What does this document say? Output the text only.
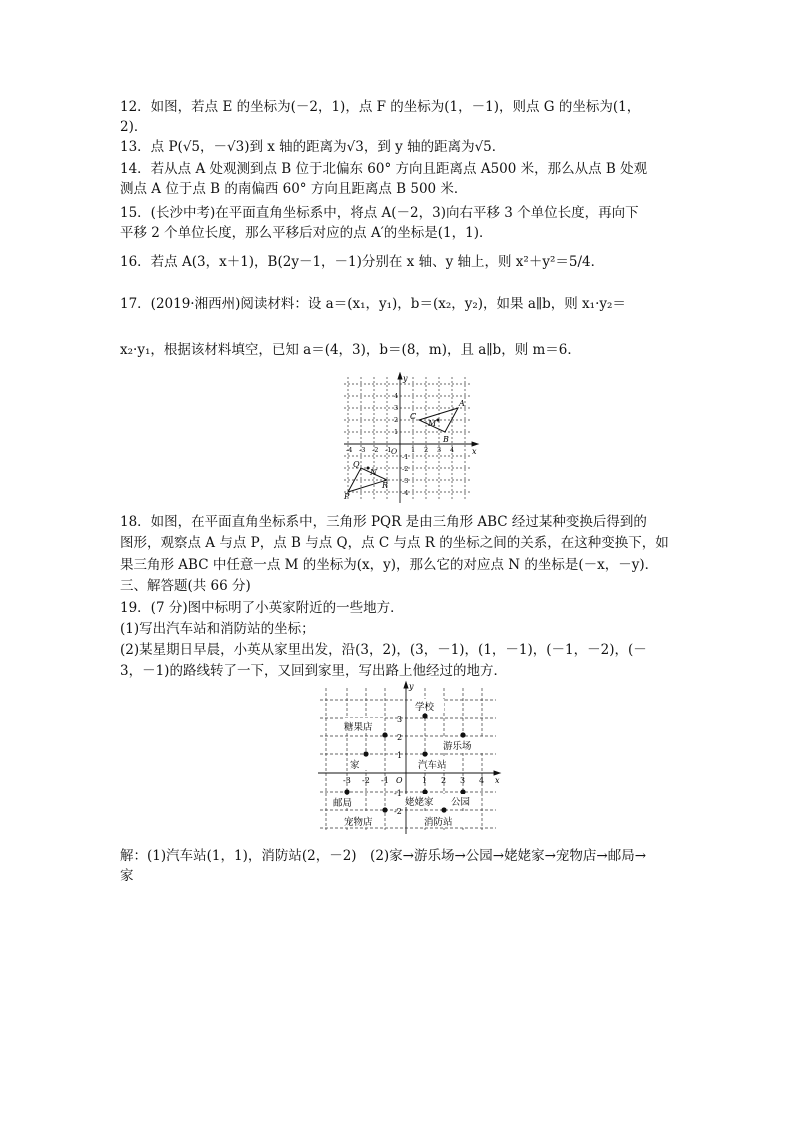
12．如图，若点 E 的坐标为(－2，1)，点 F 的坐标为(1，－1)，则点 G 的坐标为(1，
2)．
13．点 P(√5，－√3)到 x 轴的距离为√3，到 y 轴的距离为√5．
14．若从点 A 处观测到点 B 位于北偏东 60° 方向且距离点 A500 米，那么从点 B 处观
测点 A 位于点 B 的南偏西 60° 方向且距离点 B 500 米．
15．(长沙中考)在平面直角坐标系中，将点 A(－2，3)向右平移 3 个单位长度，再向下
平移 2 个单位长度，那么平移后对应的点 A′的坐标是(1，1)．
16．若点 A(3，x＋1)，B(2y－1，－1)分别在 x 轴、y 轴上，则 x²＋y²＝5/4．
17．(2019·湘西州)阅读材料：设 a＝(x₁，y₁)，b＝(x₂，y₂)，如果 a∥b，则 x₁·y₂＝
x₂·y₁，根据该材料填空，已知 a＝(4，3)，b＝(8，m)，且 a∥b，则 m＝6．
x
y
O
-4 -3 -2 -1	1 2 3 4
4
3
2
1
-1
-2
-3
-4
A
B
C
M
P
Q
R
N
18．如图，在平面直角坐标系中，三角形 PQR 是由三角形 ABC 经过某种变换后得到的
图形，观察点 A 与点 P，点 B 与点 Q，点 C 与点 R 的坐标之间的关系，在这种变换下，如
果三角形 ABC 中任意一点 M 的坐标为(x，y)，那么它的对应点 N 的坐标是(－x，－y)．
三、解答题(共 66 分)
19．(7 分)图中标明了小英家附近的一些地方．
(1)写出汽车站和消防站的坐标；
(2)某星期日早晨，小英从家里出发，沿(3，2)，(3，－1)，(1，－1)，(－1，－2)，(－
3，－1)的路线转了一下，又回到家里，写出路上他经过的地方．
x
y
O
-3 -2 -1	1 2 3 4
3
2
1
-1
-2
学校
糖果店
游乐场
家	汽车站
邮局	姥姥家 公园
宠物店	消防站
解：(1)汽车站(1，1)，消防站(2，－2)　(2)家→游乐场→公园→姥姥家→宠物店→邮局→
家
